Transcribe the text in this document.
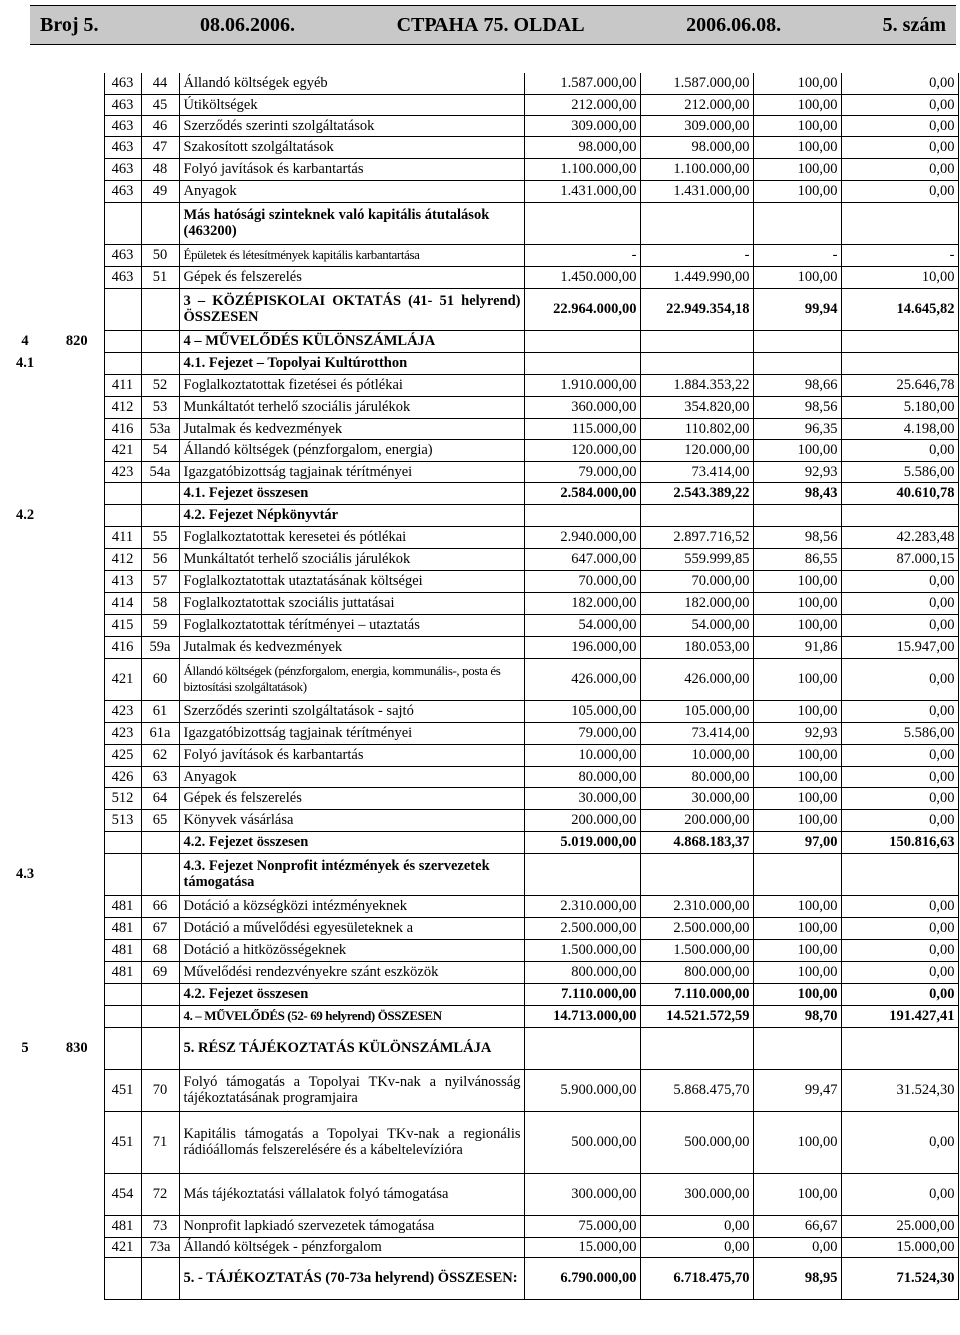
Broj 5.	08.06.2006.	СТРАНА 75. OLDAL	2006.06.08.	5. szám
		463	44	Állandó költségek egyéb	1.587.000,00	1.587.000,00	100,00	0,00
		463	45	Útiköltségek	212.000,00	212.000,00	100,00	0,00
		463	46	Szerződés szerinti szolgáltatások	309.000,00	309.000,00	100,00	0,00
		463	47	Szakosított szolgáltatások	98.000,00	98.000,00	100,00	0,00
		463	48	Folyó javítások és karbantartás	1.100.000,00	1.100.000,00	100,00	0,00
		463	49	Anyagok	1.431.000,00	1.431.000,00	100,00	0,00
				Más hatósági szinteknek való kapitális átutalások (463200)				
		463	50	Épületek és létesítmények kapitális karbantartása	-	-	-	-
		463	51	Gépek és felszerelés	1.450.000,00	1.449.990,00	100,00	10,00
				3 – KÖZÉPISKOLAI OKTATÁS (41- 51 helyrend) ÖSSZESEN	22.964.000,00	22.949.354,18	99,94	14.645,82
4	820			4 – MŰVELŐDÉS KÜLÖNSZÁMLÁJA				
4.1				4.1. Fejezet – Topolyai Kultúrotthon				
		411	52	Foglalkoztatottak fizetései és pótlékai	1.910.000,00	1.884.353,22	98,66	25.646,78
		412	53	Munkáltatót terhelő szociális járulékok	360.000,00	354.820,00	98,56	5.180,00
		416	53a	Jutalmak és kedvezmények	115.000,00	110.802,00	96,35	4.198,00
		421	54	Állandó költségek (pénzforgalom, energia)	120.000,00	120.000,00	100,00	0,00
		423	54a	Igazgatóbizottság tagjainak térítményei	79.000,00	73.414,00	92,93	5.586,00
				4.1. Fejezet összesen	2.584.000,00	2.543.389,22	98,43	40.610,78
4.2				4.2. Fejezet Népkönyvtár				
		411	55	Foglalkoztatottak keresetei és pótlékai	2.940.000,00	2.897.716,52	98,56	42.283,48
		412	56	Munkáltatót terhelő szociális járulékok	647.000,00	559.999,85	86,55	87.000,15
		413	57	Foglalkoztatottak utaztatásának költségei	70.000,00	70.000,00	100,00	0,00
		414	58	Foglalkoztatottak szociális juttatásai	182.000,00	182.000,00	100,00	0,00
		415	59	Foglalkoztatottak térítményei – utaztatás	54.000,00	54.000,00	100,00	0,00
		416	59a	Jutalmak és kedvezmények	196.000,00	180.053,00	91,86	15.947,00
		421	60	Állandó költségek (pénzforgalom, energia, kommunális-, posta és biztosítási szolgáltatások)	426.000,00	426.000,00	100,00	0,00
		423	61	Szerződés szerinti szolgáltatások - sajtó	105.000,00	105.000,00	100,00	0,00
		423	61a	Igazgatóbizottság tagjainak térítményei	79.000,00	73.414,00	92,93	5.586,00
		425	62	Folyó javítások és karbantartás	10.000,00	10.000,00	100,00	0,00
		426	63	Anyagok	80.000,00	80.000,00	100,00	0,00
		512	64	Gépek és felszerelés	30.000,00	30.000,00	100,00	0,00
		513	65	Könyvek vásárlása	200.000,00	200.000,00	100,00	0,00
				4.2. Fejezet összesen	5.019.000,00	4.868.183,37	97,00	150.816,63
4.3				4.3. Fejezet Nonprofit intézmények és szervezetek támogatása				
		481	66	Dotáció a községközi intézményeknek	2.310.000,00	2.310.000,00	100,00	0,00
		481	67	Dotáció a művelődési egyesületeknek a	2.500.000,00	2.500.000,00	100,00	0,00
		481	68	Dotáció a hitközösségeknek	1.500.000,00	1.500.000,00	100,00	0,00
		481	69	Művelődési rendezvényekre szánt eszközök	800.000,00	800.000,00	100,00	0,00
				4.2. Fejezet összesen	7.110.000,00	7.110.000,00	100,00	0,00
				4. – MŰVELŐDÉS (52- 69 helyrend) ÖSSZESEN	14.713.000,00	14.521.572,59	98,70	191.427,41
5	830			5. RÉSZ TÁJÉKOZTATÁS KÜLÖNSZÁMLÁJA				
		451	70	Folyó támogatás a Topolyai TKv-nak a nyilvánosság tájékoztatásának programjaira	5.900.000,00	5.868.475,70	99,47	31.524,30
		451	71	Kapitális támogatás a Topolyai TKv-nak a regionális rádióállomás felszerelésére és a kábeltelevízióra	500.000,00	500.000,00	100,00	0,00
		454	72	Más tájékoztatási vállalatok folyó támogatása	300.000,00	300.000,00	100,00	0,00
		481	73	Nonprofit lapkiadó szervezetek támogatása	75.000,00	0,00	66,67	25.000,00
		421	73a	Állandó költségek - pénzforgalom	15.000,00	0,00	0,00	15.000,00
				5. - TÁJÉKOZTATÁS (70-73a helyrend) ÖSSZESEN:	6.790.000,00	6.718.475,70	98,95	71.524,30
